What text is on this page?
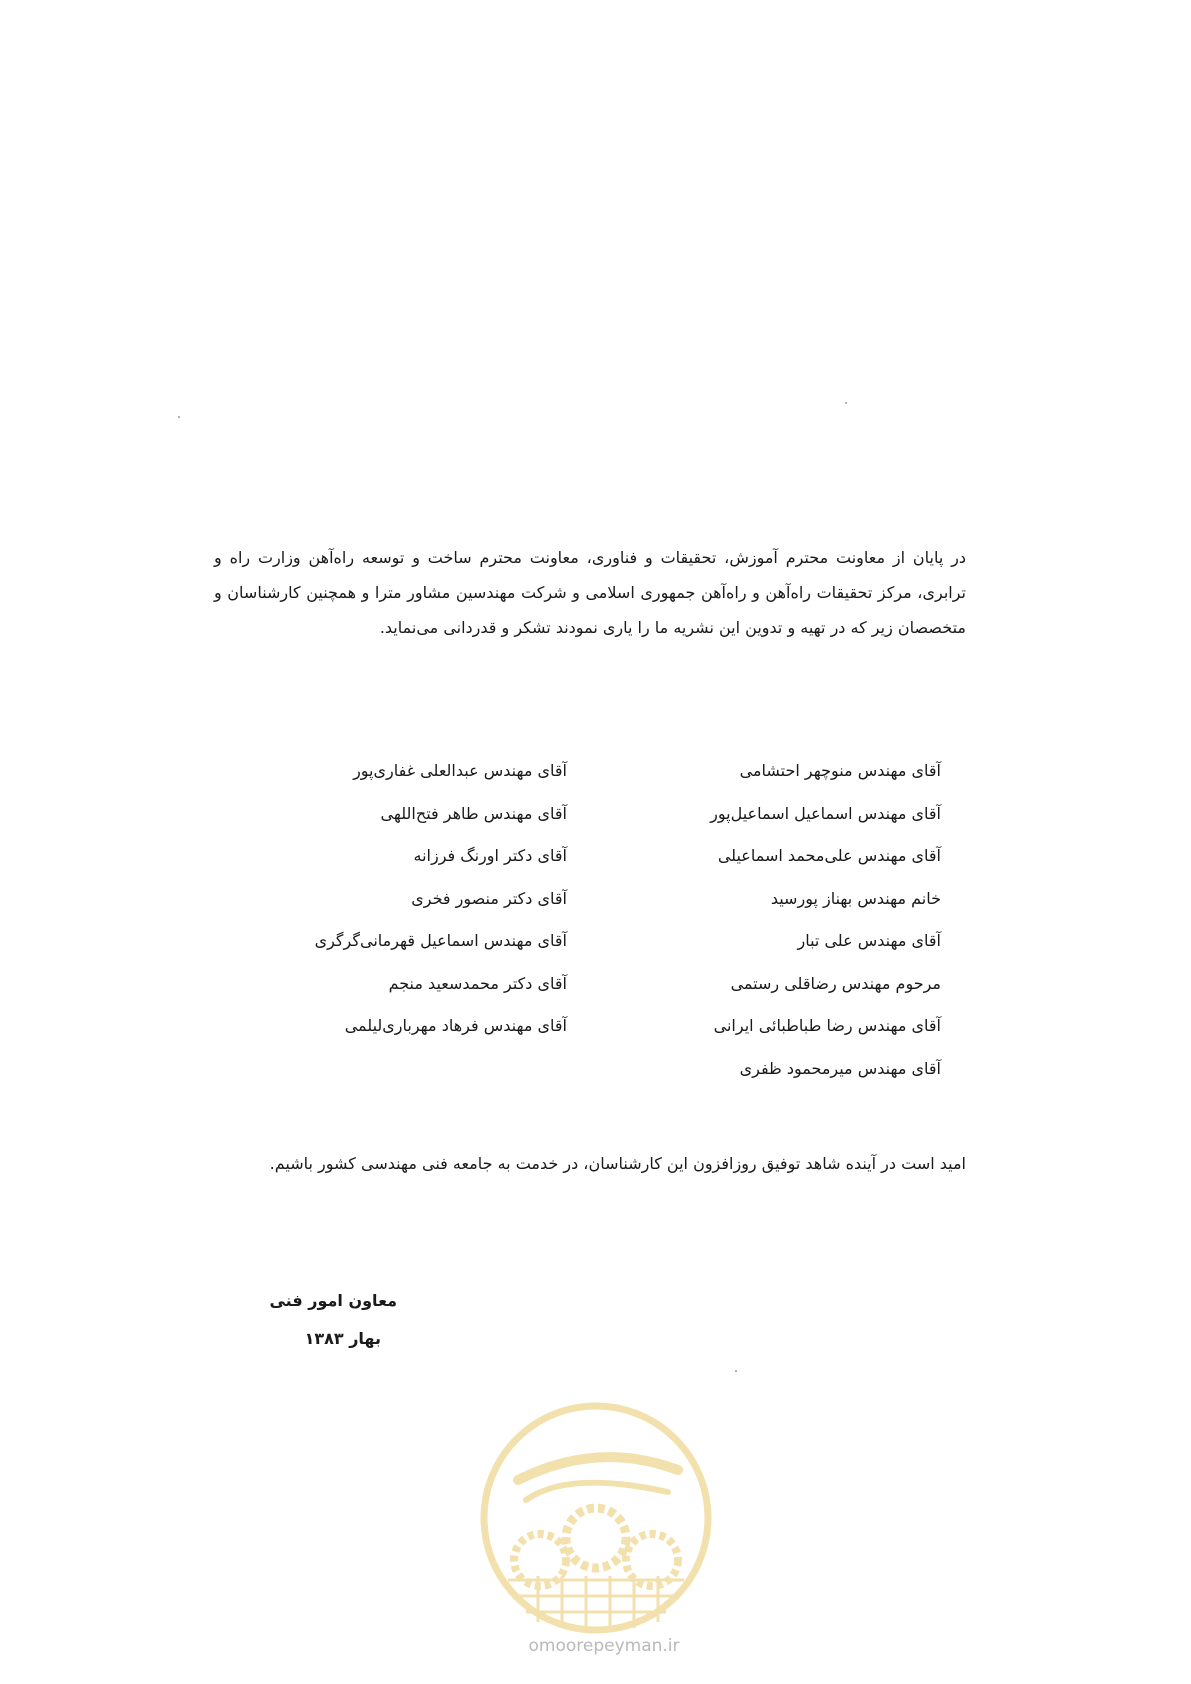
در پایان از معاونت محترم آموزش، تحقیقات و فناوری، معاونت محترم ساخت و توسعه راه‌آهن وزارت راه و ترابری، مرکز تحقیقات راه‌آهن و راه‌آهن جمهوری اسلامی و شرکت مهندسین مشاور مترا و همچنین کارشناسان و متخصصان زیر که در تهیه و تدوین این نشریه ما را یاری نمودند تشکر و قدردانی می‌نماید.

آقای مهندس منوچهر احتشامی
آقای مهندس اسماعیل اسماعیل‌پور
آقای مهندس علی‌محمد اسماعیلی
خانم مهندس بهناز پورسید
آقای مهندس علی تبار
مرحوم مهندس رضاقلی رستمی
آقای مهندس رضا طباطبائی ایرانی
آقای مهندس میرمحمود ظفری
آقای مهندس عبدالعلی غفاری‌پور
آقای مهندس طاهر فتح‌اللهی
آقای دکتر اورنگ فرزانه
آقای دکتر منصور فخری
آقای مهندس اسماعیل قهرمانی‌گرگری
آقای دکتر محمدسعید منجم
آقای مهندس فرهاد مهرباری‌لیلمی

امید است در آینده شاهد توفیق روزافزون این کارشناسان، در خدمت به جامعه فنی مهندسی کشور باشیم.

معاون امور فنی
بهار ۱۳۸۳
omoorepeyman.ir
